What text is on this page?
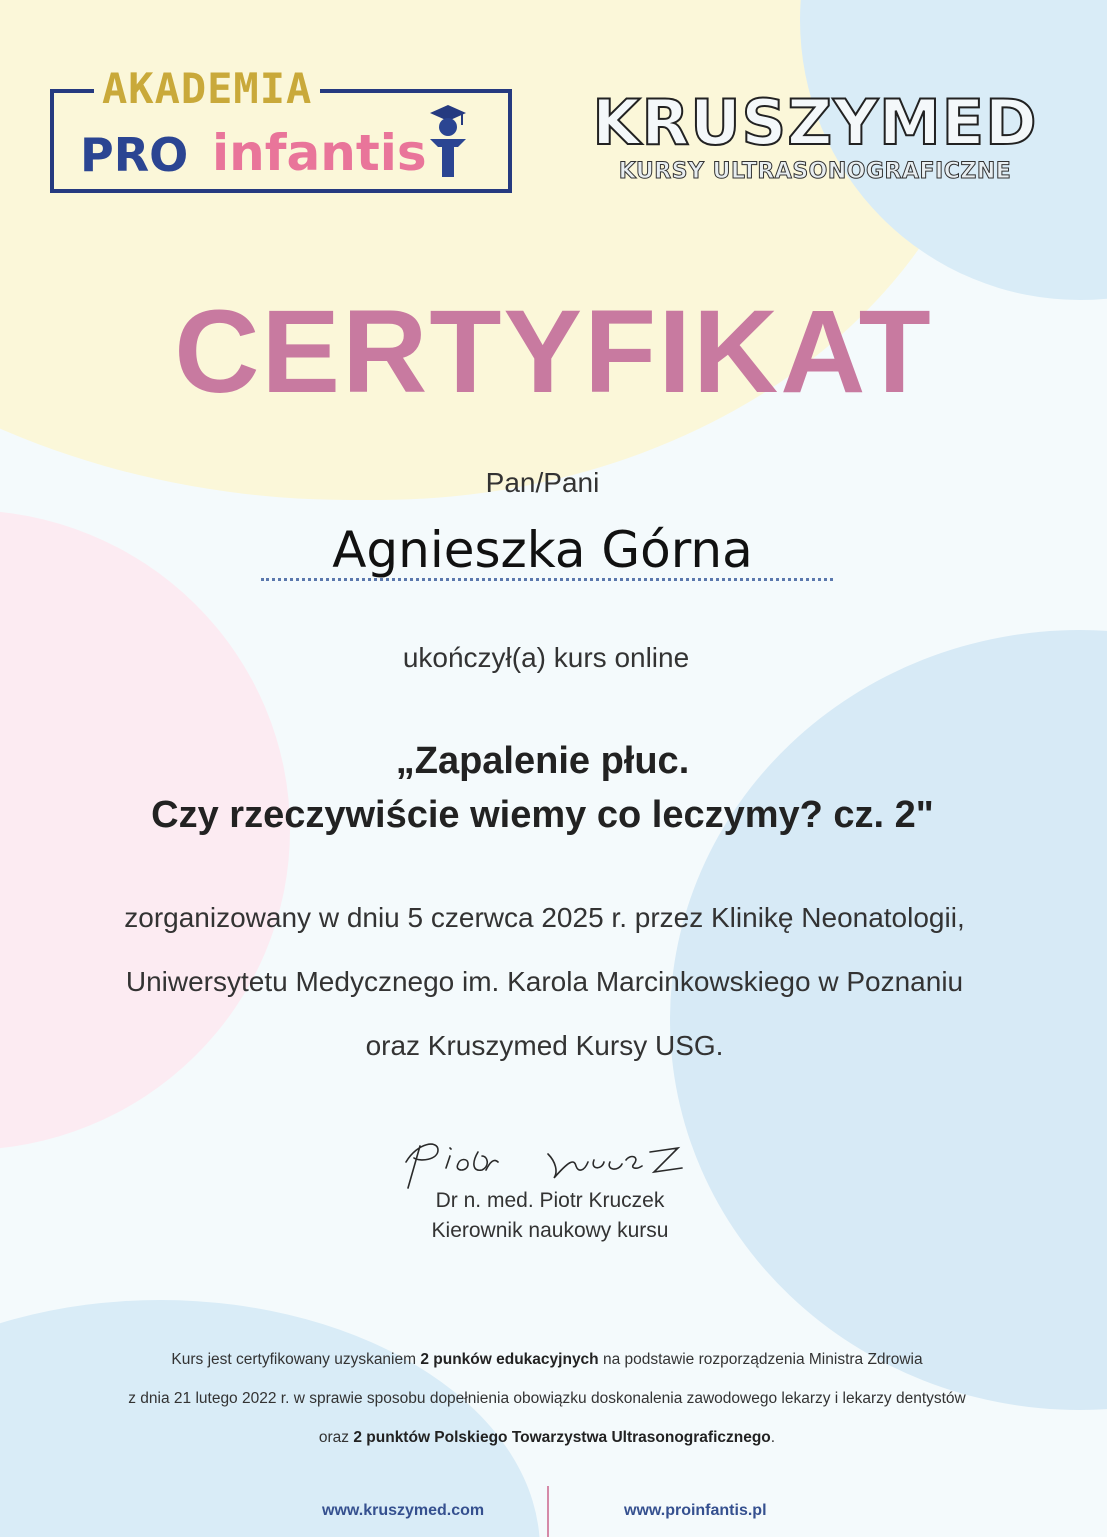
AKADEMIA
PRO infantis	KRUSZYMED
KURSY ULTRASONOGRAFICZNE
CERTYFIKAT
Pan/Pani
Agnieszka Górna
ukończył(a) kurs online
„Zapalenie płuc.
Czy rzeczywiście wiemy co leczymy? cz. 2"
zorganizowany w dniu 5 czerwca 2025 r. przez Klinikę Neonatologii,
Uniwersytetu Medycznego im. Karola Marcinkowskiego w Poznaniu
oraz Kruszymed Kursy USG.
Dr n. med. Piotr Kruczek
Kierownik naukowy kursu
Kurs jest certyfikowany uzyskaniem 2 punków edukacyjnych na podstawie rozporządzenia Ministra Zdrowia
z dnia 21 lutego 2022 r. w sprawie sposobu dopełnienia obowiązku doskonalenia zawodowego lekarzy i lekarzy dentystów
oraz 2 punktów Polskiego Towarzystwa Ultrasonograficznego.
www.kruszymed.com	www.proinfantis.pl
